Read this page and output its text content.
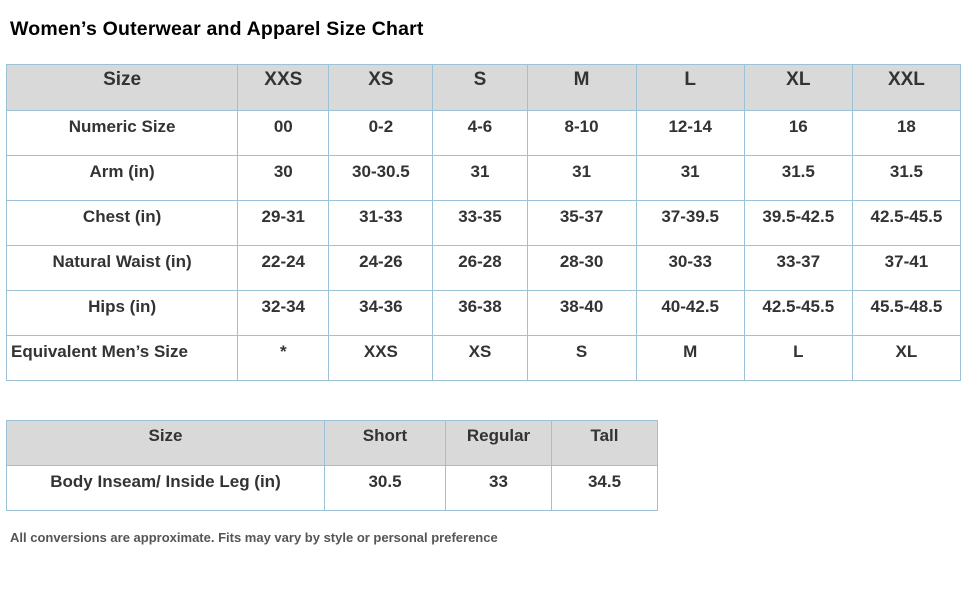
Women’s Outerwear and Apparel Size Chart
Size	XXS	XS	S	M	L	XL	XXL
Numeric Size	00	0-2	4-6	8-10	12-14	16	18
Arm (in)	30	30-30.5	31	31	31	31.5	31.5
Chest (in)	29-31	31-33	33-35	35-37	37-39.5	39.5-42.5	42.5-45.5
Natural Waist (in)	22-24	24-26	26-28	28-30	30-33	33-37	37-41
Hips (in)	32-34	34-36	36-38	38-40	40-42.5	42.5-45.5	45.5-48.5
Equivalent Men’s Size	*	XXS	XS	S	M	L	XL
Size	Short	Regular	Tall
Body Inseam/ Inside Leg (in)	30.5	33	34.5
All conversions are approximate. Fits may vary by style or personal preference
